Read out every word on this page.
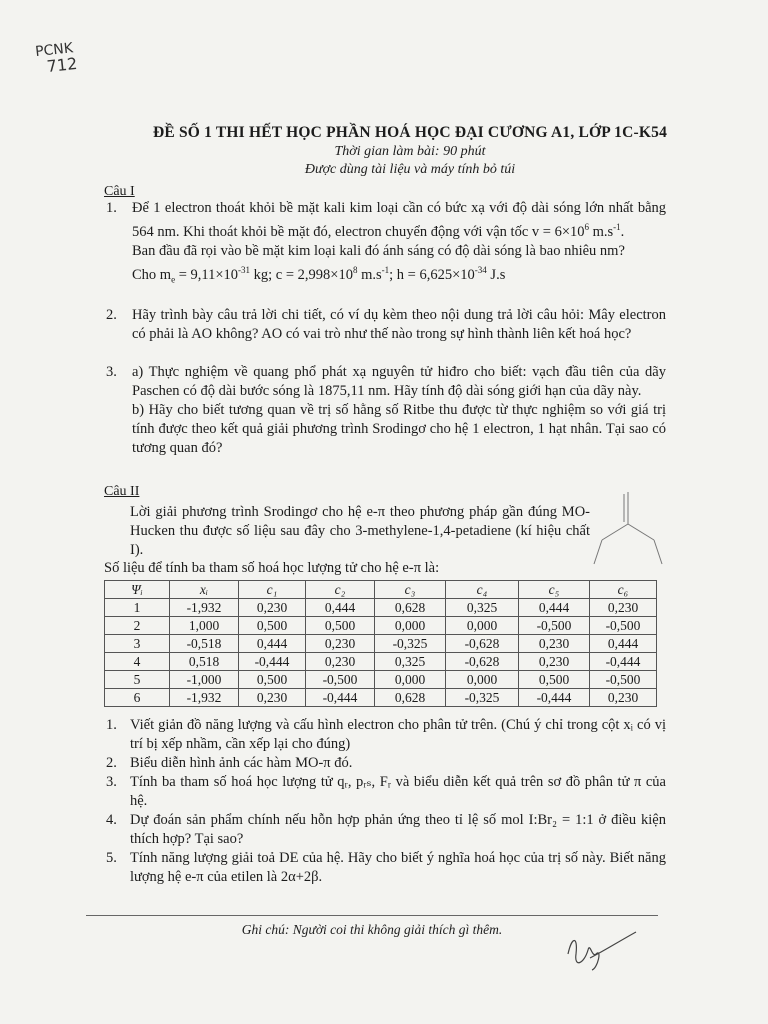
PCNK
712
ĐỀ SỐ 1 THI HẾT HỌC PHẦN HOÁ HỌC ĐẠI CƯƠNG A1, LỚP 1C-K54
Thời gian làm bài: 90 phút
Được dùng tài liệu và máy tính bỏ túi
Câu I
1. Để 1 electron thoát khỏi bề mặt kali kim loại cần có bức xạ với độ dài sóng lớn nhất bằng 564 nm. Khi thoát khỏi bề mặt đó, electron chuyển động với vận tốc $v = 6\times 10^6$ $m.s^{-1}$.

Ban đầu đã rọi vào bề mặt kim loại kali đó ánh sáng có độ dài sóng là bao nhiêu nm?

Cho $m_e = 9,11\times 10^{-31}$ kg; $c = 2,998\times 10^8$ $m.s^{-1}$; $h = 6,625\times 10^{-34}$ J.s

2. Hãy trình bày câu trả lời chi tiết, có ví dụ kèm theo nội dung trả lời câu hỏi: Mây electron có phải là AO không? AO có vai trò như thế nào trong sự hình thành liên kết hoá học?

3. a) Thực nghiệm về quang phổ phát xạ nguyên tử hiđro cho biết: vạch đầu tiên của dãy Paschen có độ dài bước sóng là 1875,11 nm. Hãy tính độ dài sóng giới hạn của dãy này.

b) Hãy cho biết tương quan về trị số hằng số Ritbe thu được từ thực nghiệm so với giá trị tính được theo kết quả giải phương trình Srodingơ cho hệ 1 electron, 1 hạt nhân. Tại sao có tương quan đó?

Câu II
Lời giải phương trình Srodingơ cho hệ e-π theo phương pháp gần đúng MO-Hucken thu được số liệu sau đây cho 3-methylene-1,4-petadiene (kí hiệu chất I).
Số liệu để tính ba tham số hoá học lượng tử cho hệ e-π là:
Ψᵢ	xᵢ	c₁	c₂	c₃	c₄	c₅	c₆
1	-1,932	0,230	0,444	0,628	0,325	0,444	0,230
2	1,000	0,500	0,500	0,000	0,000	-0,500	-0,500
3	-0,518	0,444	0,230	-0,325	-0,628	0,230	0,444
4	0,518	-0,444	0,230	0,325	-0,628	0,230	-0,444
5	-1,000	0,500	-0,500	0,000	0,000	0,500	-0,500
6	-1,932	0,230	-0,444	0,628	-0,325	-0,444	0,230
1. Viết giản đồ năng lượng và cấu hình electron cho phân tử trên. (Chú ý chỉ trong cột xᵢ có vị trí bị xếp nhầm, cần xếp lại cho đúng)
2. Biểu diễn hình ảnh các hàm MO-π đó.
3. Tính ba tham số hoá học lượng tử qᵣ, pᵣₛ, Fᵣ và biểu diễn kết quả trên sơ đồ phân tử π của hệ.
4. Dự đoán sản phẩm chính nếu hỗn hợp phản ứng theo tỉ lệ số mol I:Br₂ = 1:1 ở điều kiện thích hợp? Tại sao?
5. Tính năng lượng giải toả DE của hệ. Hãy cho biết ý nghĩa hoá học của trị số này. Biết năng lượng hệ e-π của etilen là 2α+2β.
Ghi chú: Người coi thi không giải thích gì thêm.
